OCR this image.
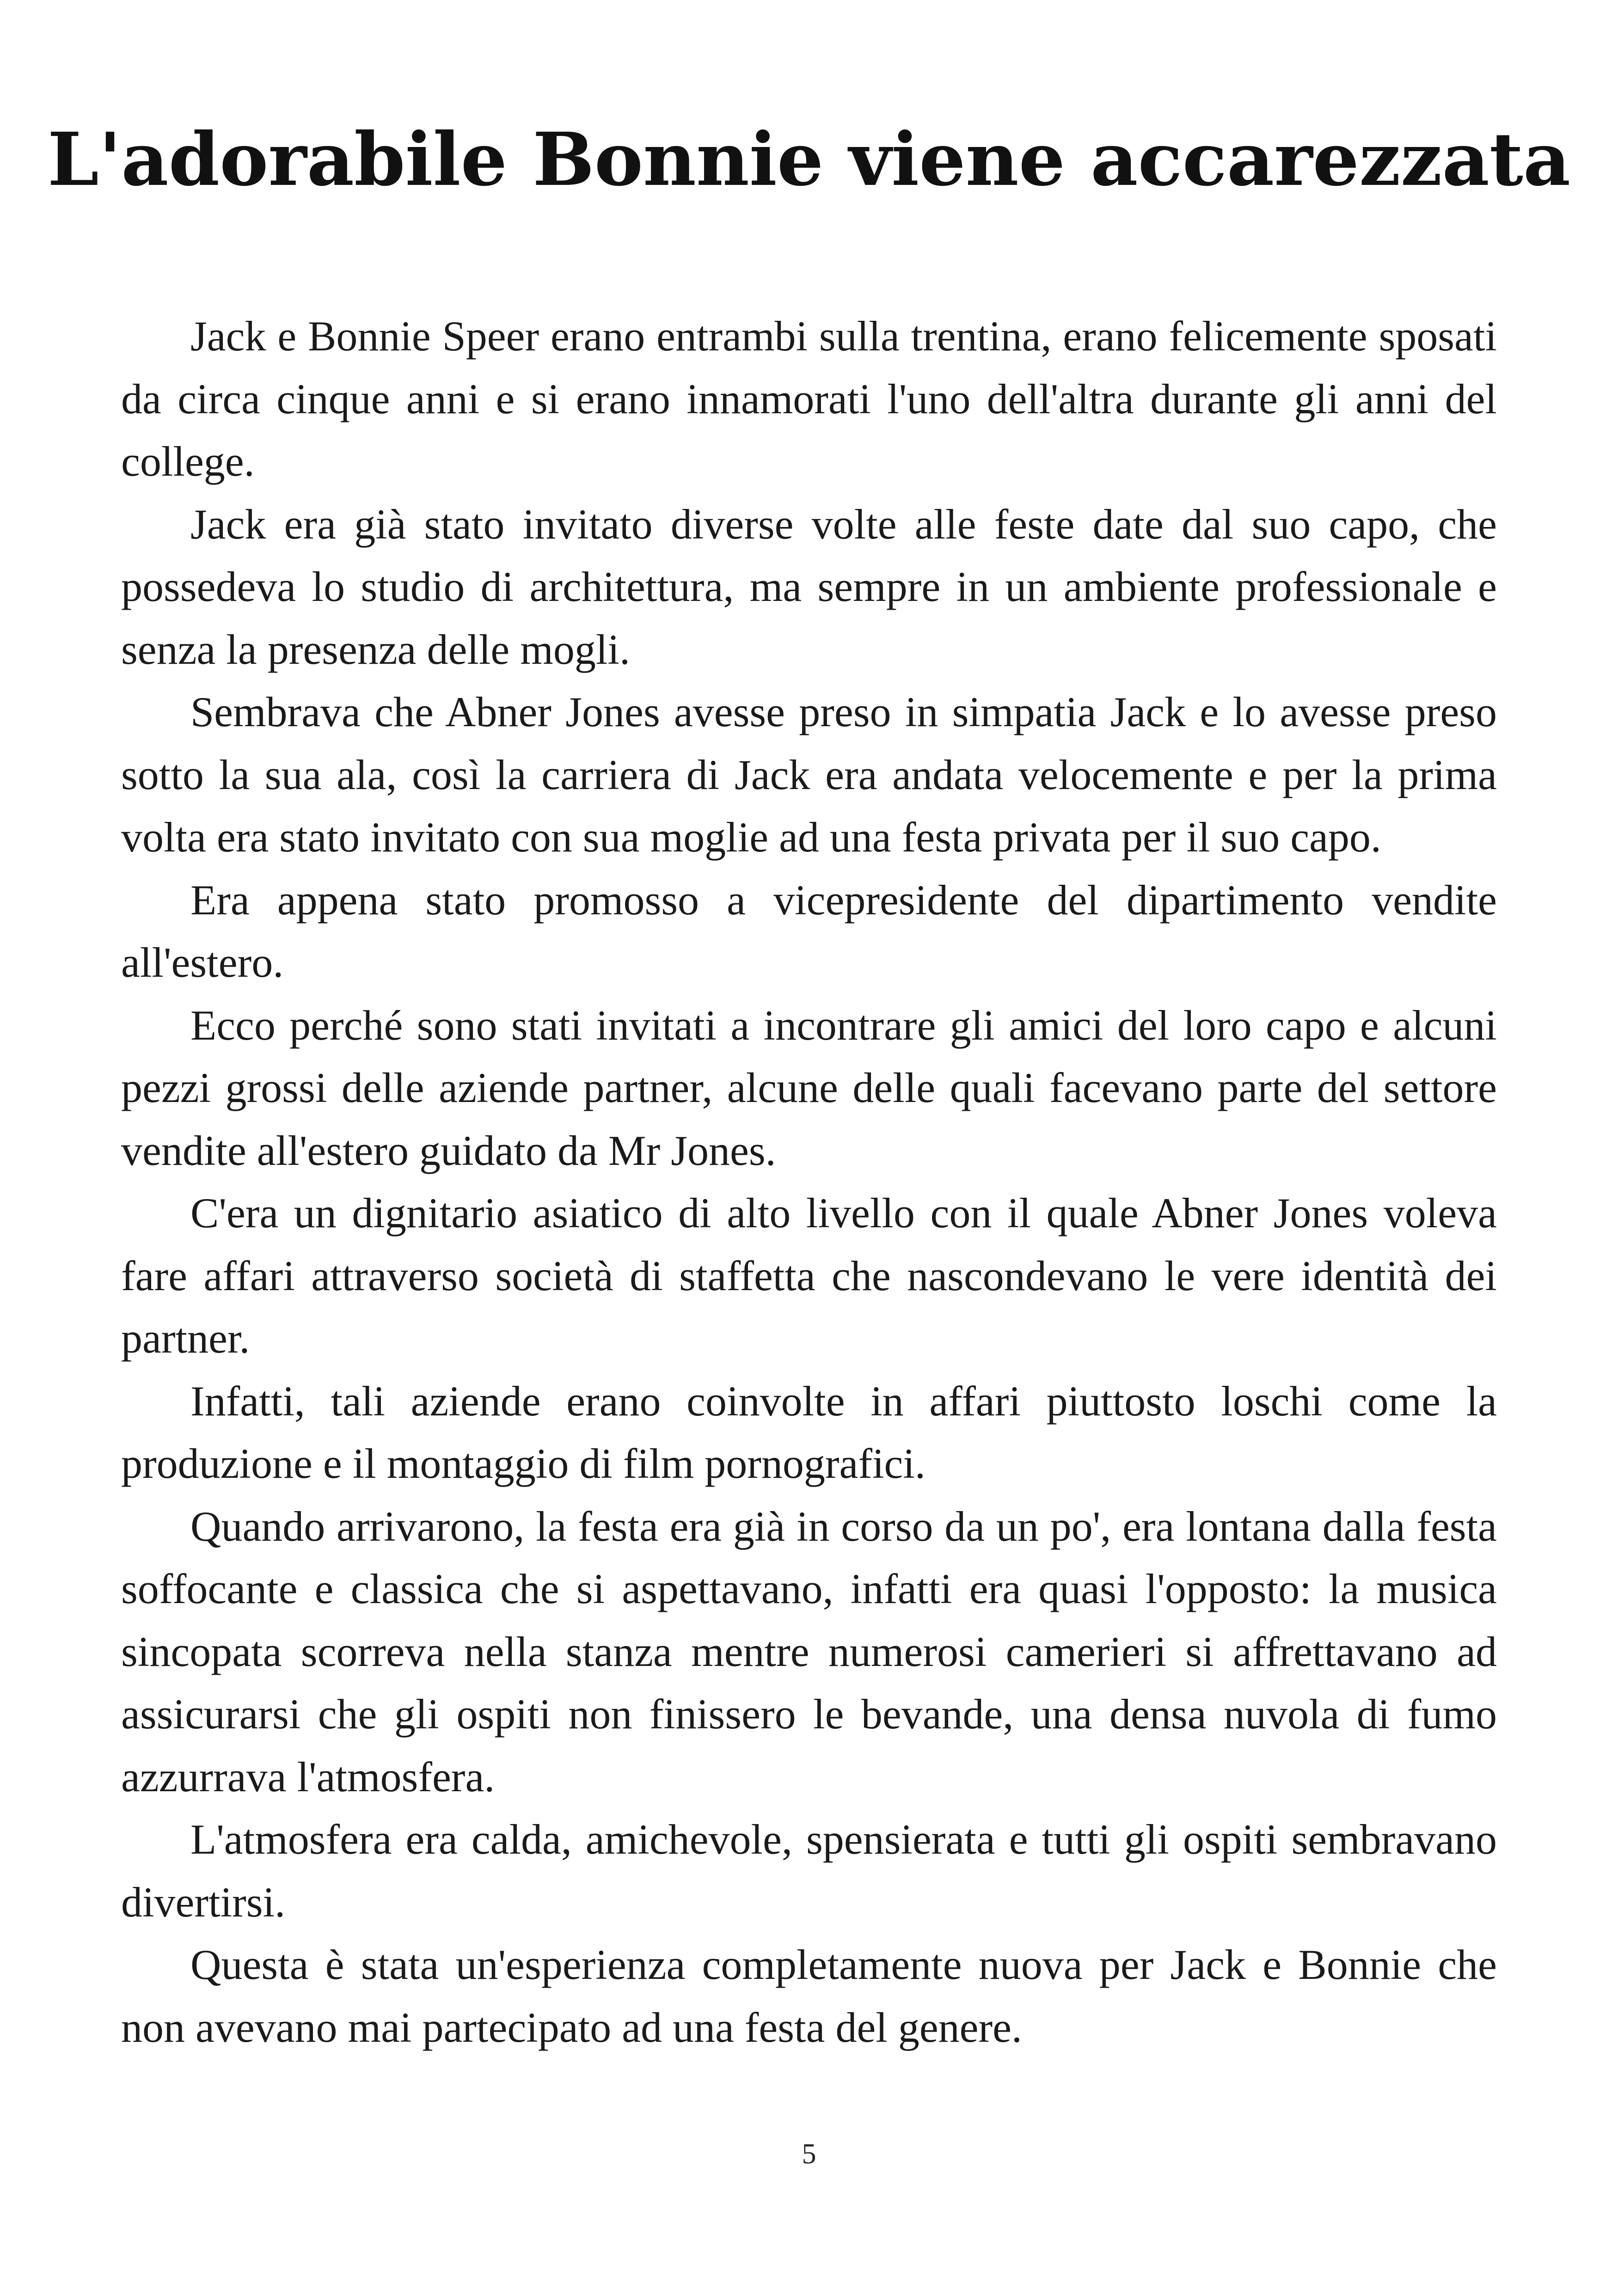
L'adorabile Bonnie viene accarezzata

Jack e Bonnie Speer erano entrambi sulla trentina, erano felicemente sposati da circa cinque anni e si erano innamorati l'uno dell'altra durante gli anni del college.

Jack era già stato invitato diverse volte alle feste date dal suo capo, che possedeva lo studio di architettura, ma sempre in un ambiente professionale e senza la presenza delle mogli.

Sembrava che Abner Jones avesse preso in simpatia Jack e lo avesse preso sotto la sua ala, così la carriera di Jack era andata velocemente e per la prima volta era stato invitato con sua moglie ad una festa privata per il suo capo.

Era appena stato promosso a vicepresidente del dipartimento vendite all'estero.

Ecco perché sono stati invitati a incontrare gli amici del loro capo e alcuni pezzi grossi delle aziende partner, alcune delle quali facevano parte del settore vendite all'estero guidato da Mr Jones.

C'era un dignitario asiatico di alto livello con il quale Abner Jones voleva fare affari attraverso società di staffetta che nascondevano le vere identità dei partner.

Infatti, tali aziende erano coinvolte in affari piuttosto loschi come la produzione e il montaggio di film pornografici.

Quando arrivarono, la festa era già in corso da un po', era lontana dalla festa soffocante e classica che si aspettavano, infatti era quasi l'opposto: la musica sincopata scorreva nella stanza mentre numerosi camerieri si affrettavano ad assicurarsi che gli ospiti non finissero le bevande, una densa nuvola di fumo azzurrava l'atmosfera.

L'atmosfera era calda, amichevole, spensierata e tutti gli ospiti sembravano divertirsi.

Questa è stata un'esperienza completamente nuova per Jack e Bonnie che non avevano mai partecipato ad una festa del genere.

5
